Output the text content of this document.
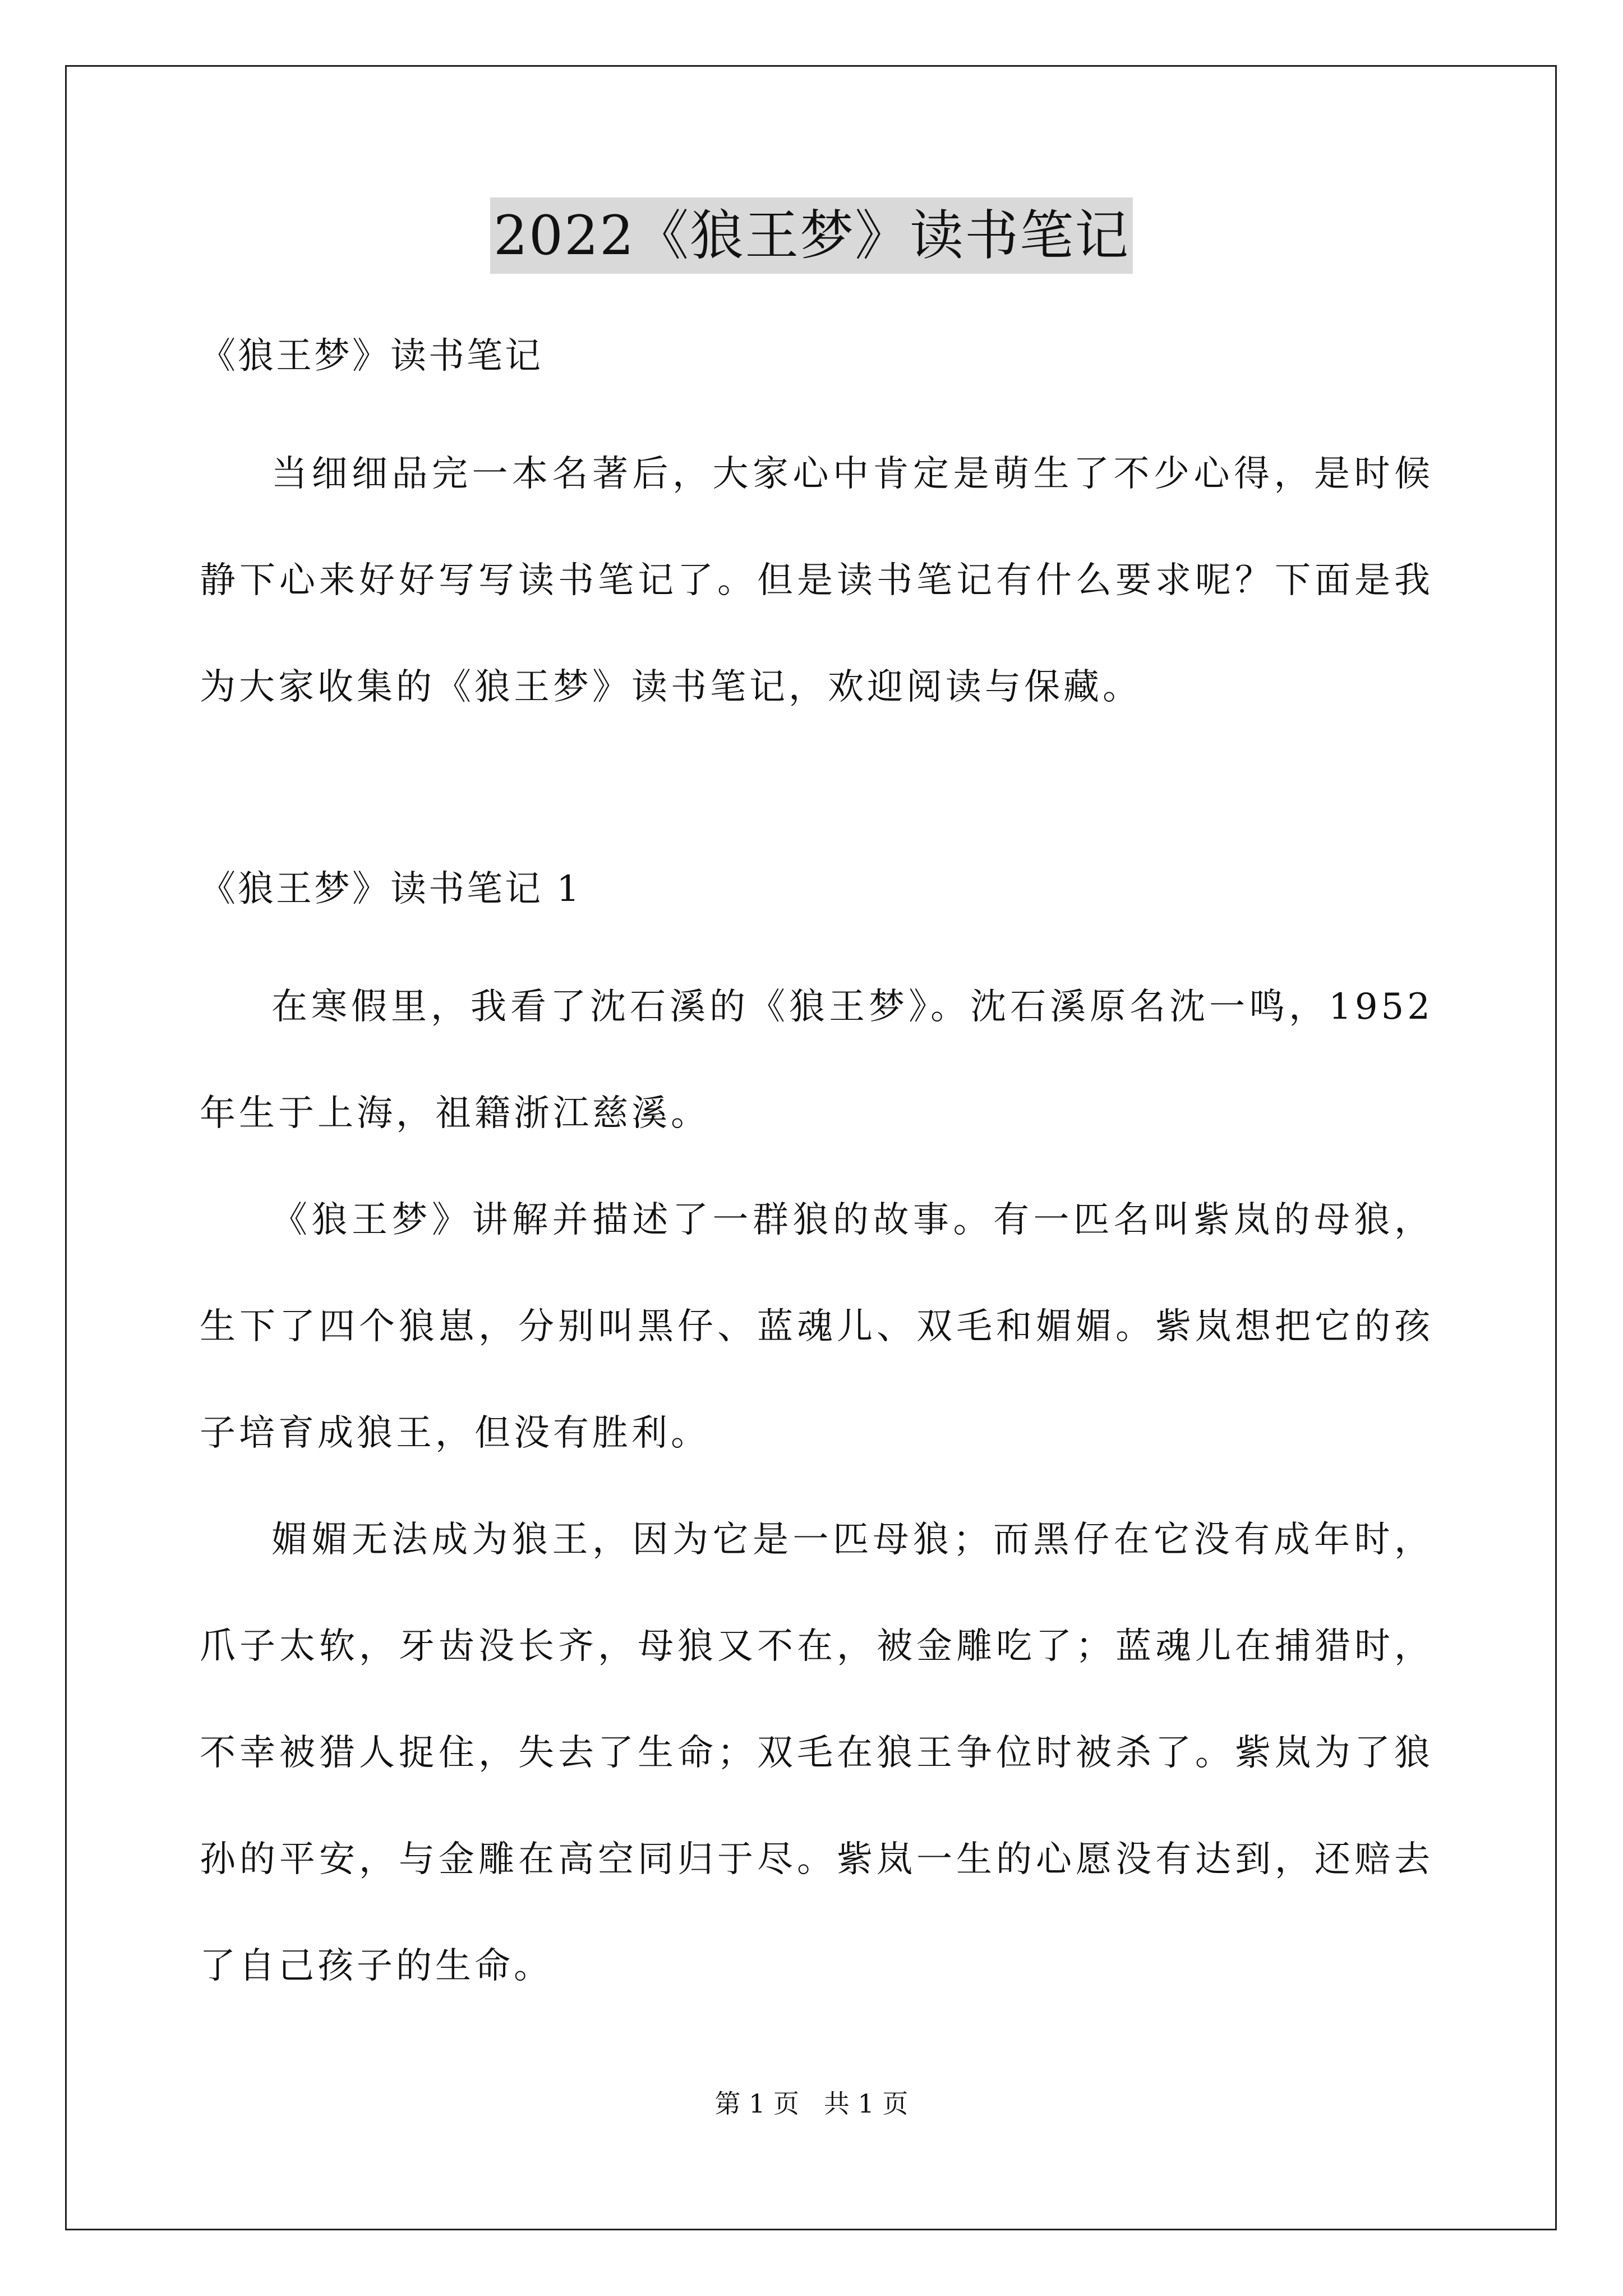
2022《狼王梦》读书笔记

《狼王梦》读书笔记

当细细品完一本名著后，大家心中肯定是萌生了不少心得，是时候静下心来好好写写读书笔记了。但是读书笔记有什么要求呢？下面是我为大家收集的《狼王梦》读书笔记，欢迎阅读与保藏。

《狼王梦》读书笔记 1

在寒假里，我看了沈石溪的《狼王梦》。沈石溪原名沈一鸣，1952年生于上海，祖籍浙江慈溪。

《狼王梦》讲解并描述了一群狼的故事。有一匹名叫紫岚的母狼，生下了四个狼崽，分别叫黑仔、蓝魂儿、双毛和媚媚。紫岚想把它的孩子培育成狼王，但没有胜利。

媚媚无法成为狼王，因为它是一匹母狼；而黑仔在它没有成年时，爪子太软，牙齿没长齐，母狼又不在，被金雕吃了；蓝魂儿在捕猎时，不幸被猎人捉住，失去了生命；双毛在狼王争位时被杀了。紫岚为了狼孙的平安，与金雕在高空同归于尽。紫岚一生的心愿没有达到，还赔去了自己孩子的生命。

第 1 页   共 1 页
